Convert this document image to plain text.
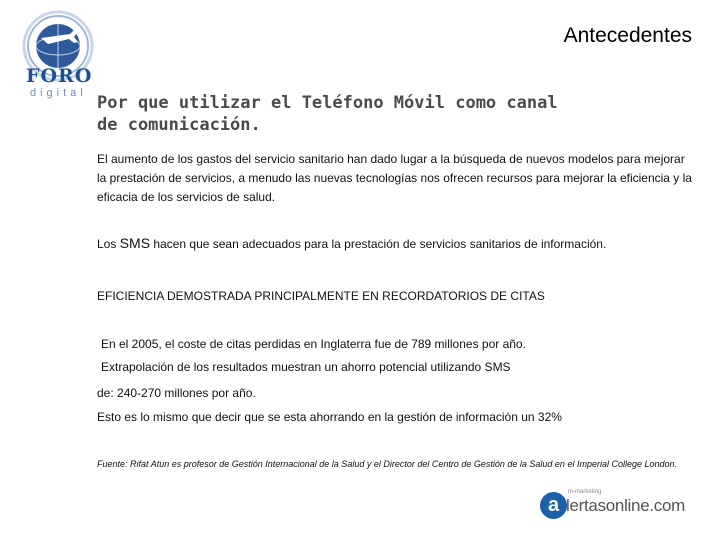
FORO
digital
Antecedentes
Por que utilizar el Teléfono Móvil como canal
de comunicación.
El aumento de los gastos del servicio sanitario han dado lugar a la búsqueda de nuevos modelos para mejorar la prestación de servicios, a menudo las nuevas tecnologías nos ofrecen recursos para mejorar la eficiencia y la eficacia de los servicios de salud.
Los SMS hacen que sean adecuados para la prestación de servicios sanitarios de información.
EFICIENCIA DEMOSTRADA PRINCIPALMENTE EN RECORDATORIOS DE CITAS
En el 2005, el coste de citas perdidas en Inglaterra fue de 789 millones por año.
Extrapolación de los resultados muestran un ahorro potencial utilizando SMS
de: 240-270 millones por año.
Esto es lo mismo que decir que se esta ahorrando en la gestión de información un 32%
Fuente: Rifat Atun es profesor de Gestión Internacional de la Salud y el Director del Centro de Gestión de la Salud en el Imperial College London.
a
m-marketing
lertasonline.com
